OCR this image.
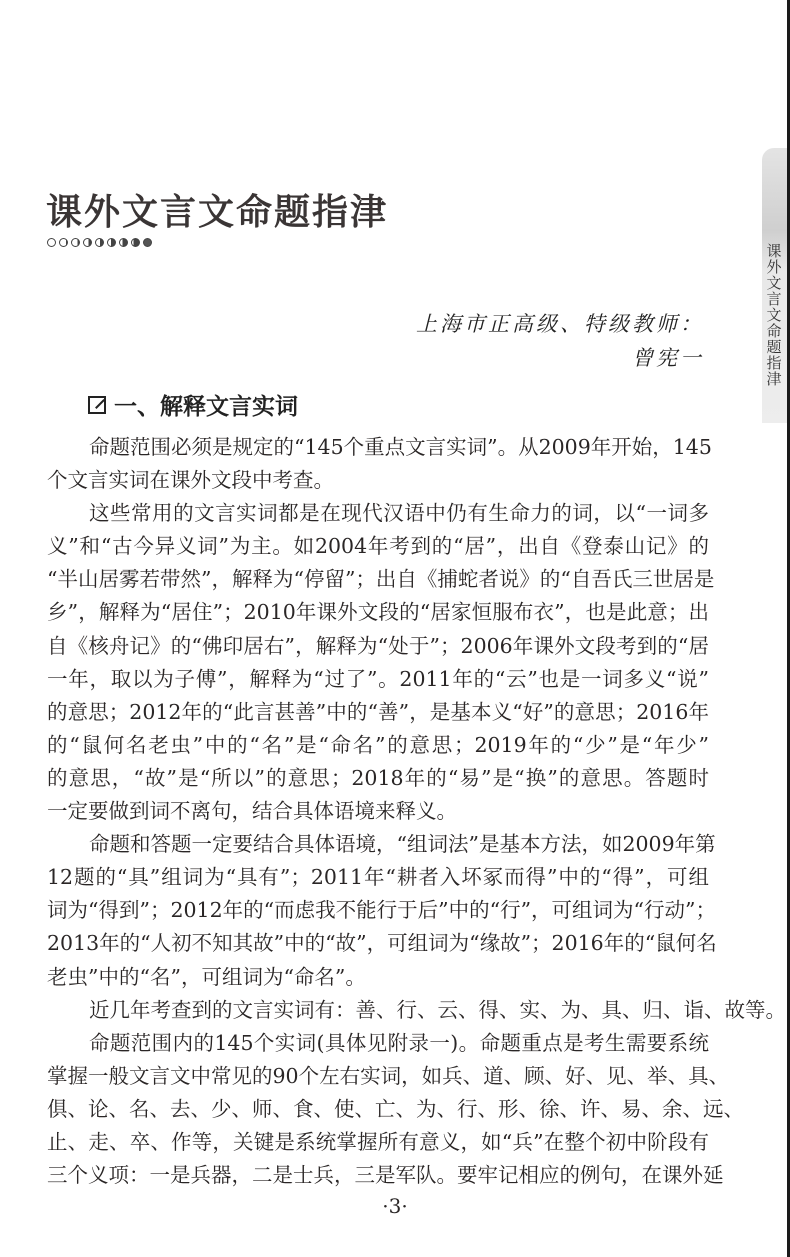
课外文言文命题指津
课外文言文命题指津
上海市正高级、特级教师：
曾宪一
一、解释文言实词
命题范围必须是规定的“145个重点文言实词”。从2009年开始，145
个文言实词在课外文段中考查。
这些常用的文言实词都是在现代汉语中仍有生命力的词，以“一词多
义”和“古今异义词”为主。如2004年考到的“居”，出自《登泰山记》的
“半山居雾若带然”，解释为“停留”；出自《捕蛇者说》的“自吾氏三世居是
乡”，解释为“居住”；2010年课外文段的“居家恒服布衣”，也是此意；出
自《核舟记》的“佛印居右”，解释为“处于”；2006年课外文段考到的“居
一年，取以为子傅”，解释为“过了”。2011年的“云”也是一词多义“说”
的意思；2012年的“此言甚善”中的“善”，是基本义“好”的意思；2016年
的“鼠何名老虫”中的“名”是“命名”的意思；2019年的“少”是“年少”
的意思，“故”是“所以”的意思；2018年的“易”是“换”的意思。答题时
一定要做到词不离句，结合具体语境来释义。
命题和答题一定要结合具体语境，“组词法”是基本方法，如2009年第
12题的“具”组词为“具有”；2011年“耕者入坏冢而得”中的“得”，可组
词为“得到”；2012年的“而虑我不能行于后”中的“行”，可组词为“行动”；
2013年的“人初不知其故”中的“故”，可组词为“缘故”；2016年的“鼠何名
老虫”中的“名”，可组词为“命名”。
近几年考查到的文言实词有：善、行、云、得、实、为、具、归、诣、故等。
命题范围内的145个实词(具体见附录一)。命题重点是考生需要系统
掌握一般文言文中常见的90个左右实词，如兵、道、顾、好、见、举、具、
俱、论、名、去、少、师、食、使、亡、为、行、形、徐、许、易、余、远、
止、走、卒、作等，关键是系统掌握所有意义，如“兵”在整个初中阶段有
三个义项：一是兵器，二是士兵，三是军队。要牢记相应的例句，在课外延
·3·
